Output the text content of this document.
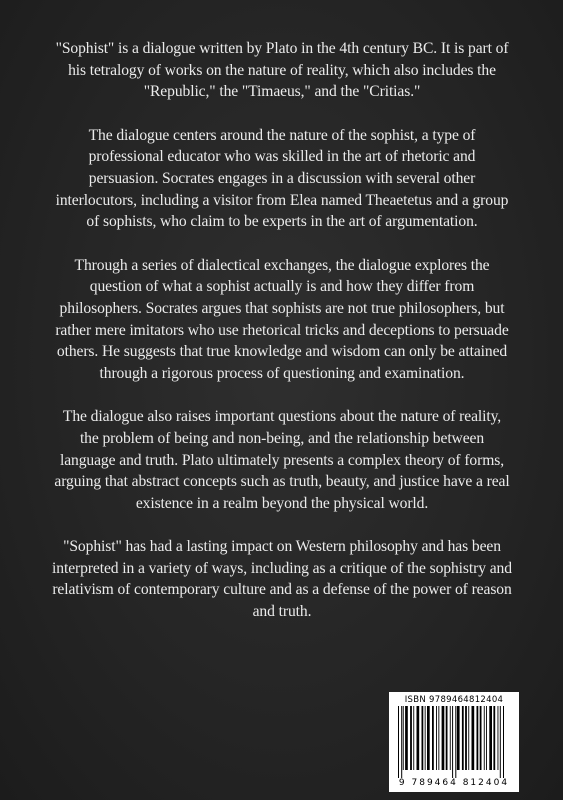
"Sophist" is a dialogue written by Plato in the 4th century BC. It is part of his tetralogy of works on the nature of reality, which also includes the "Republic," the "Timaeus," and the "Critias."

The dialogue centers around the nature of the sophist, a type of professional educator who was skilled in the art of rhetoric and persuasion. Socrates engages in a discussion with several other interlocutors, including a visitor from Elea named Theaetetus and a group of sophists, who claim to be experts in the art of argumentation.

Through a series of dialectical exchanges, the dialogue explores the question of what a sophist actually is and how they differ from philosophers. Socrates argues that sophists are not true philosophers, but rather mere imitators who use rhetorical tricks and deceptions to persuade others. He suggests that true knowledge and wisdom can only be attained through a rigorous process of questioning and examination.

The dialogue also raises important questions about the nature of reality, the problem of being and non-being, and the relationship between language and truth. Plato ultimately presents a complex theory of forms, arguing that abstract concepts such as truth, beauty, and justice have a real existence in a realm beyond the physical world.

"Sophist" has had a lasting impact on Western philosophy and has been interpreted in a variety of ways, including as a critique of the sophistry and relativism of contemporary culture and as a defense of the power of reason and truth.

ISBN 9789464812404
9 789464 812404
